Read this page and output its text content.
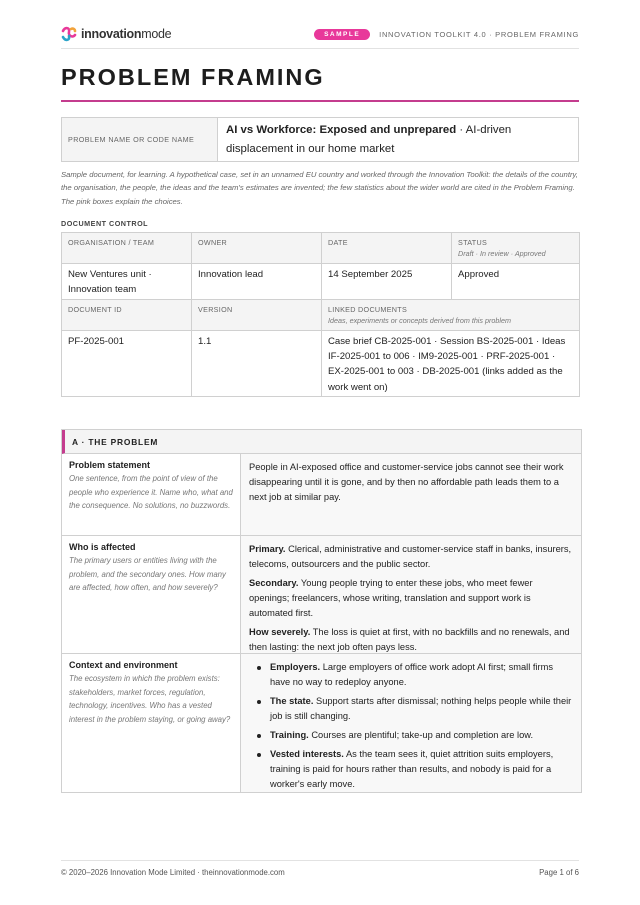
innovationmode	SAMPLE	INNOVATION TOOLKIT 4.0 · PROBLEM FRAMING
PROBLEM FRAMING
PROBLEM NAME OR CODE NAME
AI vs Workforce: Exposed and unprepared · AI-driven displacement in our home market
Sample document, for learning. A hypothetical case, set in an unnamed EU country and worked through the Innovation Toolkit: the details of the country, the organisation, the people, the ideas and the team's estimates are invented; the few statistics about the wider world are cited in the Problem Framing. The pink boxes explain the choices.
DOCUMENT CONTROL
ORGANISATION / TEAM	OWNER	DATE	STATUS
Draft · In review · Approved

New Ventures unit · Innovation team	Innovation lead	14 September 2025	Approved
DOCUMENT ID	VERSION	LINKED DOCUMENTS
Ideas, experiments or concepts derived from this problem	

PF-2025-001	1.1	Case brief CB-2025-001 · Session BS-2025-001 · Ideas IF-2025-001 to 006 · IM9-2025-001 · PRF-2025-001 · EX-2025-001 to 003 · DB-2025-001 (links added as the work went on)	
A · THE PROBLEM
Problem statement
One sentence, from the point of view of the people who experience it. Name who, what and the consequence. No solutions, no buzzwords.
People in AI-exposed office and customer-service jobs cannot see their work disappearing until it is gone, and by then no affordable path leads them to a next job at similar pay.
Who is affected
The primary users or entities living with the problem, and the secondary ones. How many are affected, how often, and how severely?

Primary. Clerical, administrative and customer-service staff in banks, insurers, telecoms, outsourcers and the public sector.

Secondary. Young people trying to enter these jobs, who meet fewer openings; freelancers, whose writing, translation and support work is automated first.

How severely. The loss is quiet at first, with no backfills and no renewals, and then lasting: the next job often pays less.

Context and environment
The ecosystem in which the problem exists: stakeholders, market forces, regulation, technology, incentives. Who has a vested interest in the problem staying, or going away?
Employers. Large employers of office work adopt AI first; small firms have no way to redeploy anyone.
The state. Support starts after dismissal; nothing helps people while their job is still changing.
Training. Courses are plentiful; take-up and completion are low.
Vested interests. As the team sees it, quiet attrition suits employers, training is paid for hours rather than results, and nobody is paid for a worker's early move.
© 2020–2026 Innovation Mode Limited · theinnovationmode.com	Page 1 of 6
